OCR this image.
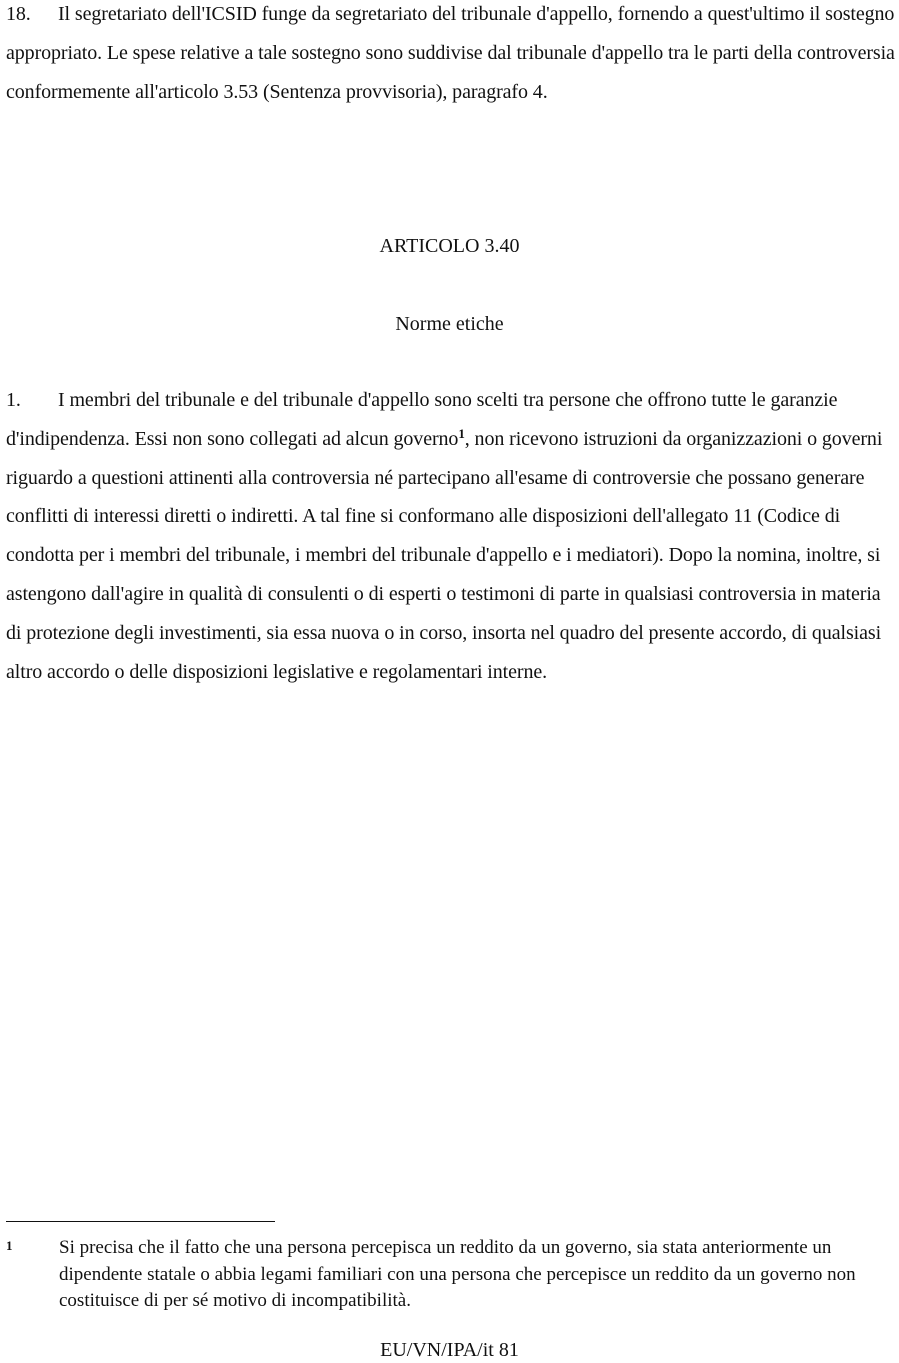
18. Il segretariato dell'ICSID funge da segretariato del tribunale d'appello, fornendo a quest'ultimo il sostegno appropriato. Le spese relative a tale sostegno sono suddivise dal tribunale d'appello tra le parti della controversia conformemente all'articolo 3.53 (Sentenza provvisoria), paragrafo 4.
ARTICOLO 3.40
Norme etiche
1. I membri del tribunale e del tribunale d'appello sono scelti tra persone che offrono tutte le garanzie d'indipendenza. Essi non sono collegati ad alcun governo$^1$, non ricevono istruzioni da organizzazioni o governi riguardo a questioni attinenti alla controversia né partecipano all'esame di controversie che possano generare conflitti di interessi diretti o indiretti. A tal fine si conformano alle disposizioni dell'allegato 11 (Codice di condotta per i membri del tribunale, i membri del tribunale d'appello e i mediatori). Dopo la nomina, inoltre, si astengono dall'agire in qualità di consulenti o di esperti o testimoni di parte in qualsiasi controversia in materia di protezione degli investimenti, sia essa nuova o in corso, insorta nel quadro del presente accordo, di qualsiasi altro accordo o delle disposizioni legislative e regolamentari interne.
1 Si precisa che il fatto che una persona percepisca un reddito da un governo, sia stata anteriormente un dipendente statale o abbia legami familiari con una persona che percepisce un reddito da un governo non costituisce di per sé motivo di incompatibilità.
EU/VN/IPA/it 81
